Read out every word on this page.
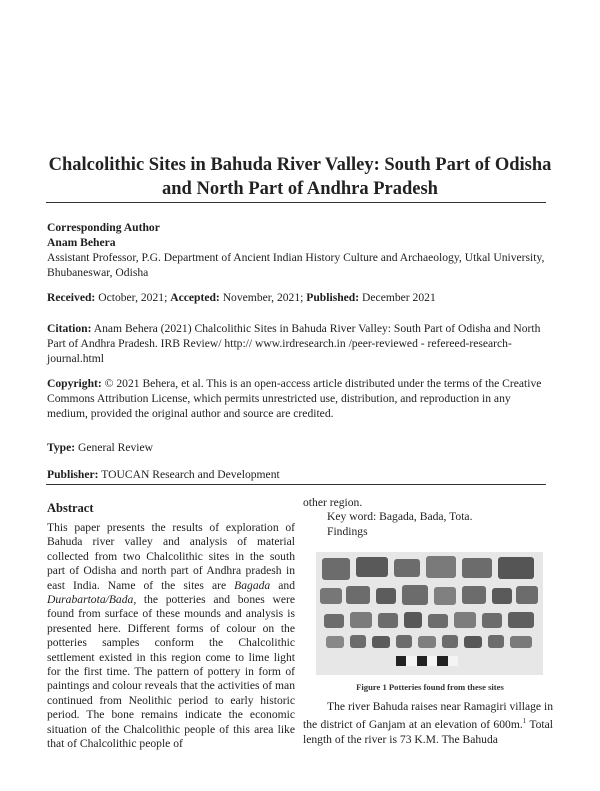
Chalcolithic Sites in Bahuda River Valley: South Part of Odisha and North Part of Andhra Pradesh
Corresponding Author
Anam Behera
Assistant Professor, P.G. Department of Ancient Indian History Culture and Archaeology, Utkal University, Bhubaneswar, Odisha
Received: October, 2021; Accepted: November, 2021; Published: December 2021
Citation: Anam Behera (2021) Chalcolithic Sites in Bahuda River Valley: South Part of Odisha and North Part of Andhra Pradesh. IRB Review/ http:// www.irdresearch.in /peer-reviewed - refereed-research-journal.html
Copyright: © 2021 Behera, et al. This is an open-access article distributed under the terms of the Creative Commons Attribution License, which permits unrestricted use, distribution, and reproduction in any medium, provided the original author and source are credited.
Type: General Review
Publisher: TOUCAN Research and Development
Abstract

This paper presents the results of exploration of Bahuda river valley and analysis of material collected from two Chalcolithic sites in the south part of Odisha and north part of Andhra pradesh in east India. Name of the sites are Bagada and Durabartota/Bada, the potteries and bones were found from surface of these mounds and analysis is presented here. Different forms of colour on the potteries samples conform the Chalcolithic settlement existed in this region come to lime light for the first time. The pattern of pottery in form of paintings and colour reveals that the activities of man continued from Neolithic period to early historic period. The bone remains indicate the economic situation of the Chalcolithic people of this area like that of Chalcolithic people of

other region.
Key word: Bagada, Bada, Tota.
Findings
Figure 1 Potteries found from these sites
The river Bahuda raises near Ramagiri village in the district of Ganjam at an elevation of 600m.$^1$ Total length of the river is 73 K.M. The Bahuda
